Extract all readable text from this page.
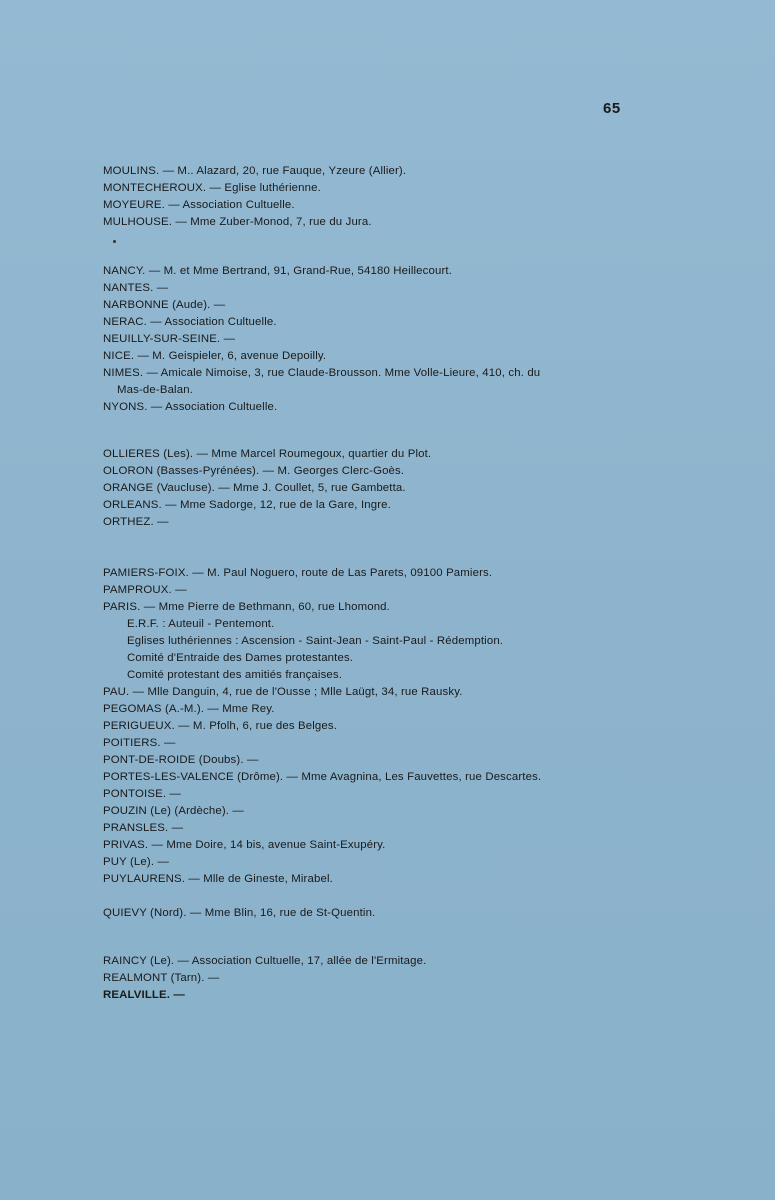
65
MOULINS. — M.. Alazard, 20, rue Fauque, Yzeure (Allier).
MONTECHEROUX. — Eglise luthérienne.
MOYEURE. — Association Cultuelle.
MULHOUSE. — Mme Zuber-Monod, 7, rue du Jura.
NANCY. — M. et Mme Bertrand, 91, Grand-Rue, 54180 Heillecourt.
NANTES. —
NARBONNE (Aude). —
NERAC. — Association Cultuelle.
NEUILLY-SUR-SEINE. —
NICE. — M. Geispieler, 6, avenue Depoilly.
NIMES. — Amicale Nimoise, 3, rue Claude-Brousson. Mme Volle-Lieure, 410, ch. du
Mas-de-Balan.
NYONS. — Association Cultuelle.
OLLIERES (Les). — Mme Marcel Roumegoux, quartier du Plot.
OLORON (Basses-Pyrénées). — M. Georges Clerc-Goès.
ORANGE (Vaucluse). — Mme J. Coullet, 5, rue Gambetta.
ORLEANS. — Mme Sadorge, 12, rue de la Gare, Ingre.
ORTHEZ. —
PAMIERS-FOIX. — M. Paul Noguero, route de Las Parets, 09100 Pamiers.
PAMPROUX. —
PARIS. — Mme Pierre de Bethmann, 60, rue Lhomond.
E.R.F. : Auteuil - Pentemont.
Eglises luthériennes : Ascension - Saint-Jean - Saint-Paul - Rédemption.
Comité d'Entraide des Dames protestantes.
Comité protestant des amitiés françaises.
PAU. — Mlle Danguin, 4, rue de l'Ousse ; Mlle Laügt, 34, rue Rausky.
PEGOMAS (A.-M.). — Mme Rey.
PERIGUEUX. — M. Pfolh, 6, rue des Belges.
POITIERS. —
PONT-DE-ROIDE (Doubs). —
PORTES-LES-VALENCE (Drôme). — Mme Avagnina, Les Fauvettes, rue Descartes.
PONTOISE. —
POUZIN (Le) (Ardèche). —
PRANSLES. —
PRIVAS. — Mme Doire, 14 bis, avenue Saint-Exupéry.
PUY (Le). —
PUYLAURENS. — Mlle de Gineste, Mirabel.
QUIEVY (Nord). — Mme Blin, 16, rue de St-Quentin.
RAINCY (Le). — Association Cultuelle, 17, allée de l'Ermitage.
REALMONT (Tarn). —
REALVILLE. —
